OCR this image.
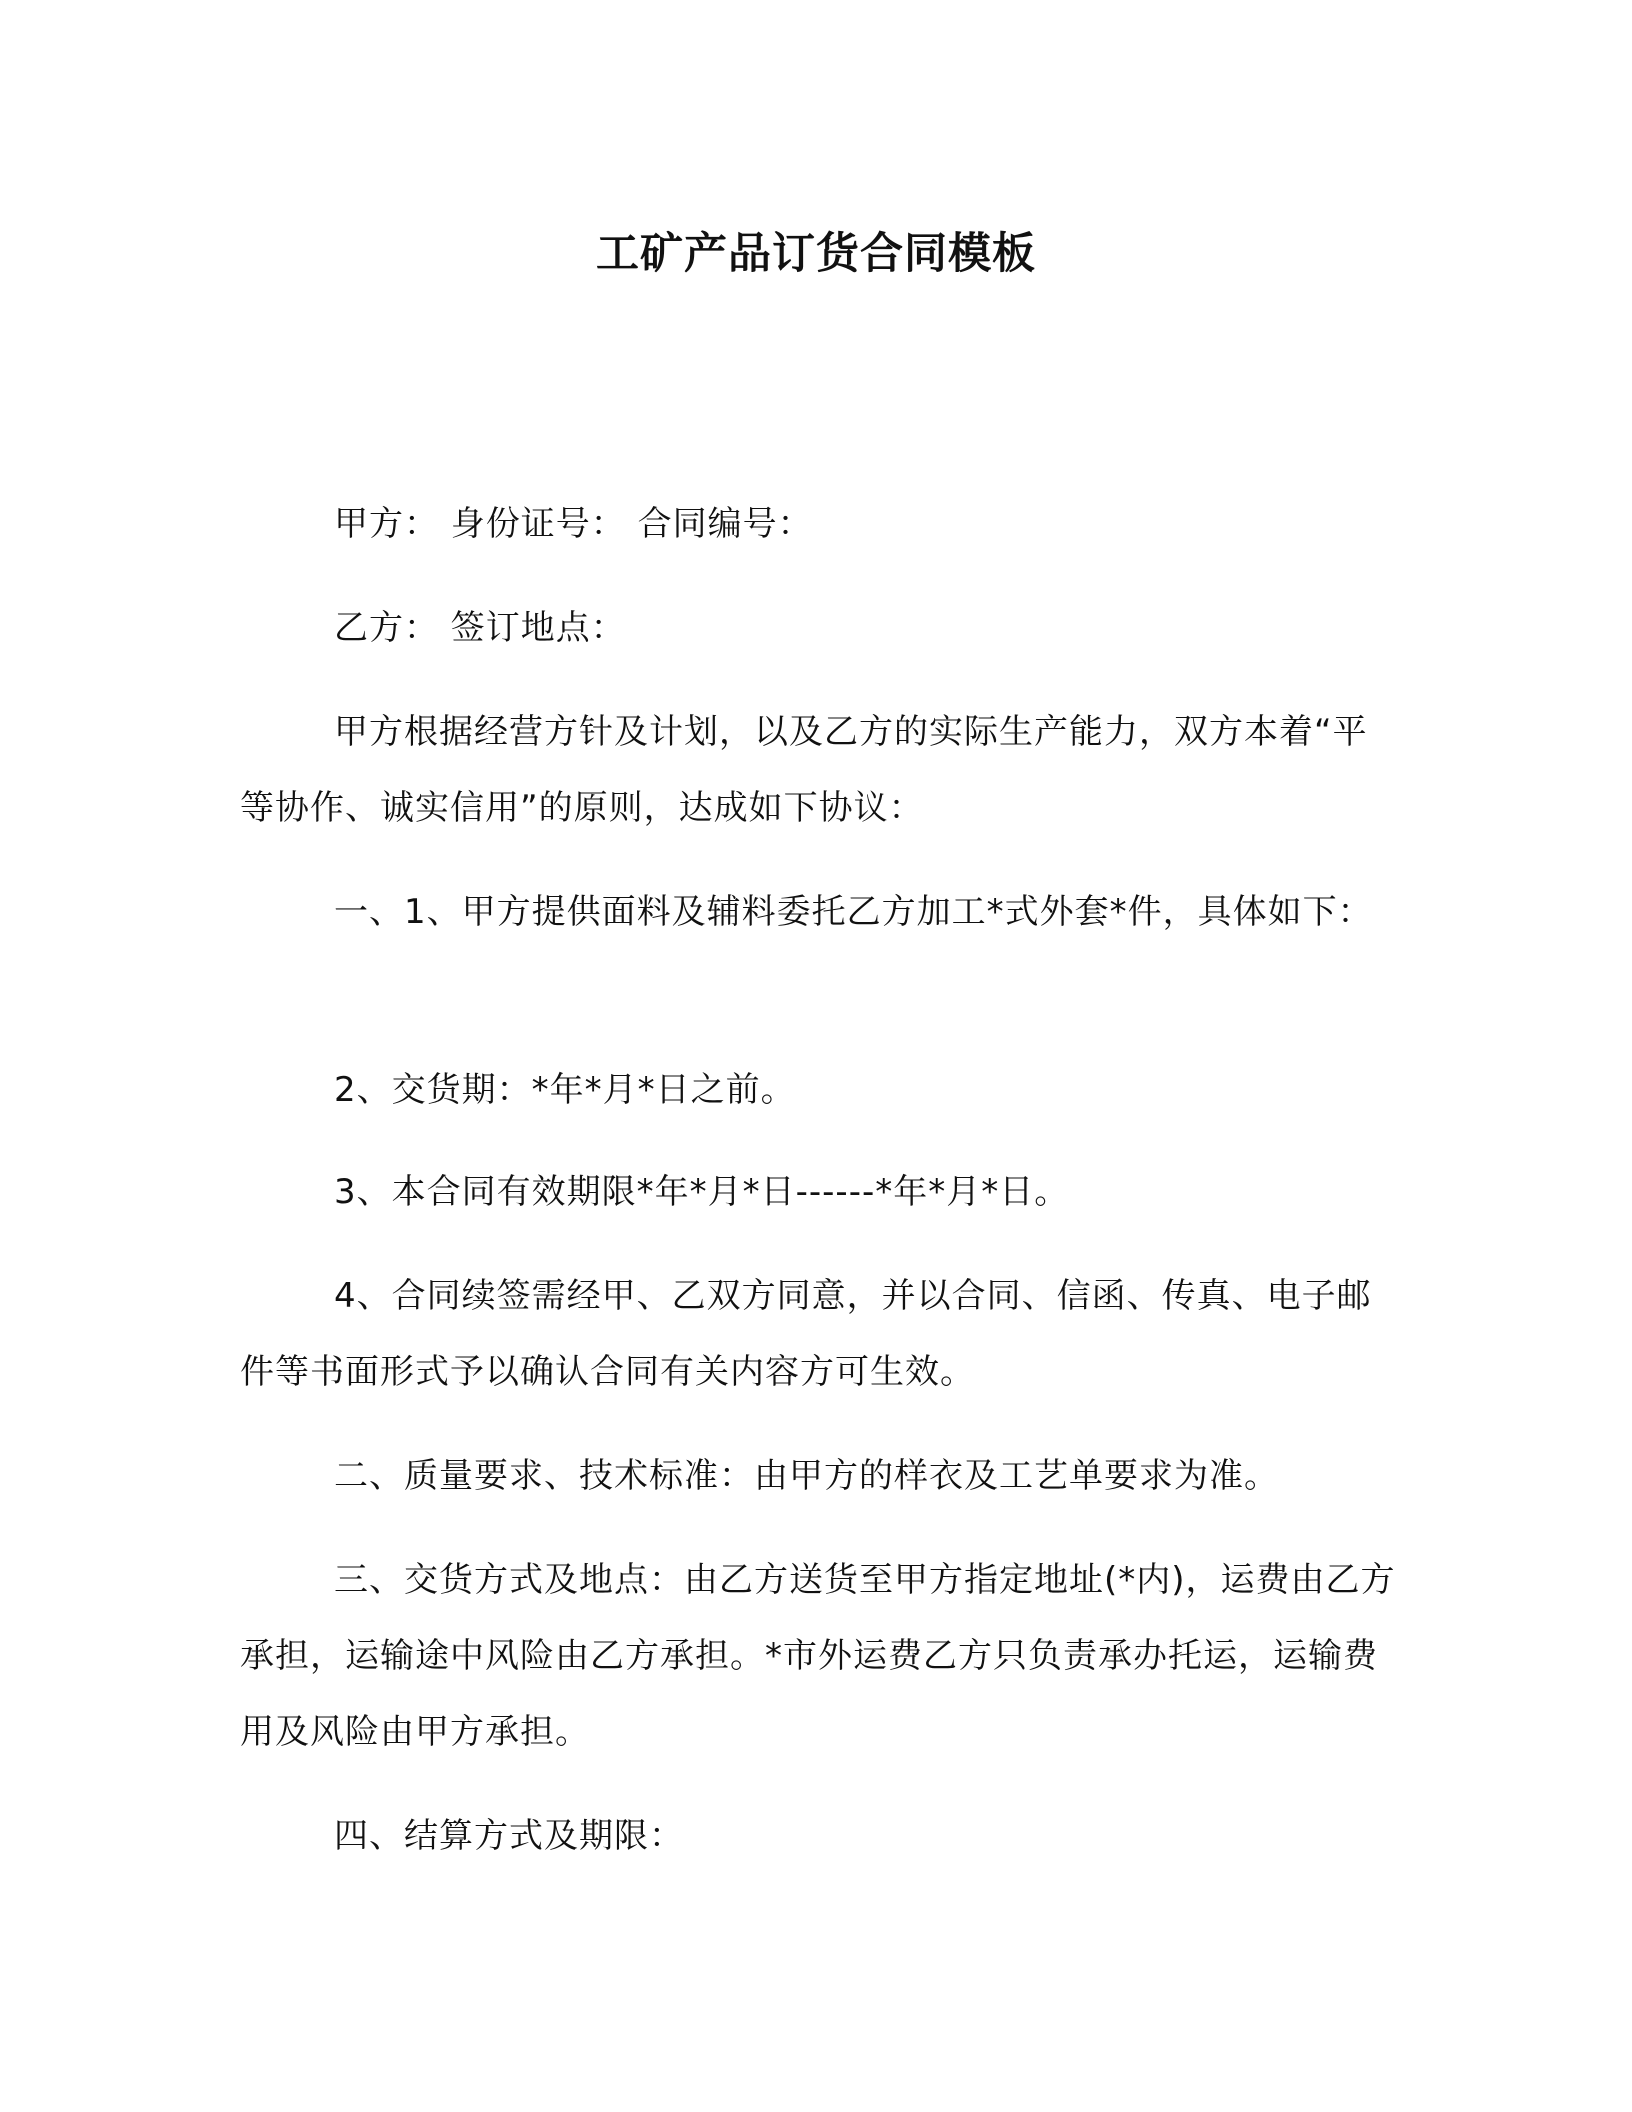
工矿产品订货合同模板
甲方： 身份证号： 合同编号：
乙方： 签订地点：
甲方根据经营方针及计划，以及乙方的实际生产能力，双方本着“平等协作、诚实信用”的原则，达成如下协议：
一、1、甲方提供面料及辅料委托乙方加工*式外套*件，具体如下：
2、交货期：*年*月*日之前。
3、本合同有效期限*年*月*日------*年*月*日。
4、合同续签需经甲、乙双方同意，并以合同、信函、传真、电子邮件等书面形式予以确认合同有关内容方可生效。
二、质量要求、技术标准：由甲方的样衣及工艺单要求为准。
三、交货方式及地点：由乙方送货至甲方指定地址(*内)，运费由乙方承担，运输途中风险由乙方承担。*市外运费乙方只负责承办托运，运输费用及风险由甲方承担。
四、结算方式及期限：
